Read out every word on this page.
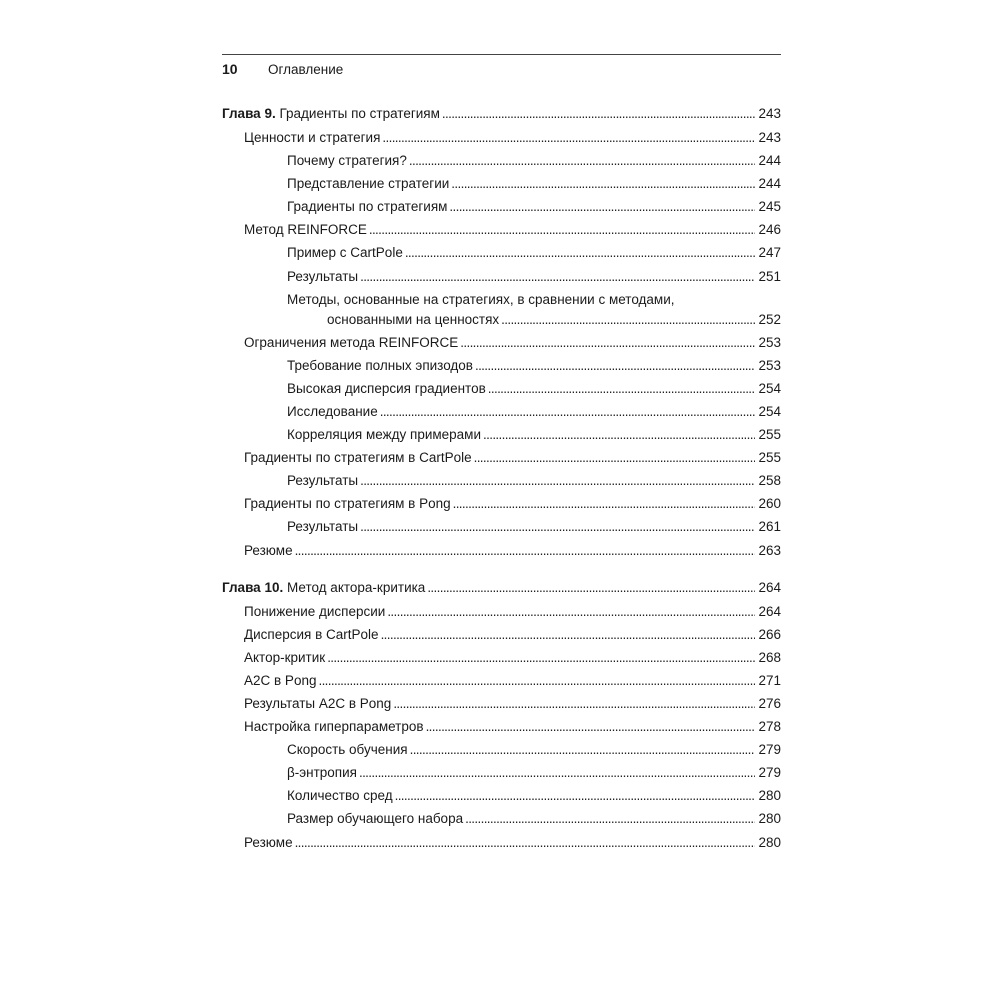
10	Оглавление
Глава 9. Градиенты по стратегиям . . .	243
Ценности и стратегия . . .	243
Почему стратегия? . . .	244
Представление стратегии . . .	244
Градиенты по стратегиям . . .	245
Метод REINFORCE . . .	246
Пример с CartPole . . .	247
Результаты . . .	251
Методы, основанные на стратегиях, в сравнении с методами,
основанными на ценностях . . .	252
Ограничения метода REINFORCE . . .	253
Требование полных эпизодов . . .	253
Высокая дисперсия градиентов . . .	254
Исследование . . .	254
Корреляция между примерами . . .	255
Градиенты по стратегиям в CartPole . . .	255
Результаты . . .	258
Градиенты по стратегиям в Pong . . .	260
Результаты . . .	261
Резюме . . .	263
Глава 10. Метод актора-критика . . .	264
Понижение дисперсии . . .	264
Дисперсия в CartPole . . .	266
Актор-критик . . .	268
A2C в Pong . . .	271
Результаты A2C в Pong . . .	276
Настройка гиперпараметров . . .	278
Скорость обучения . . .	279
β-энтропия . . .	279
Количество сред . . .	280
Размер обучающего набора . . .	280
Резюме . . .	280
